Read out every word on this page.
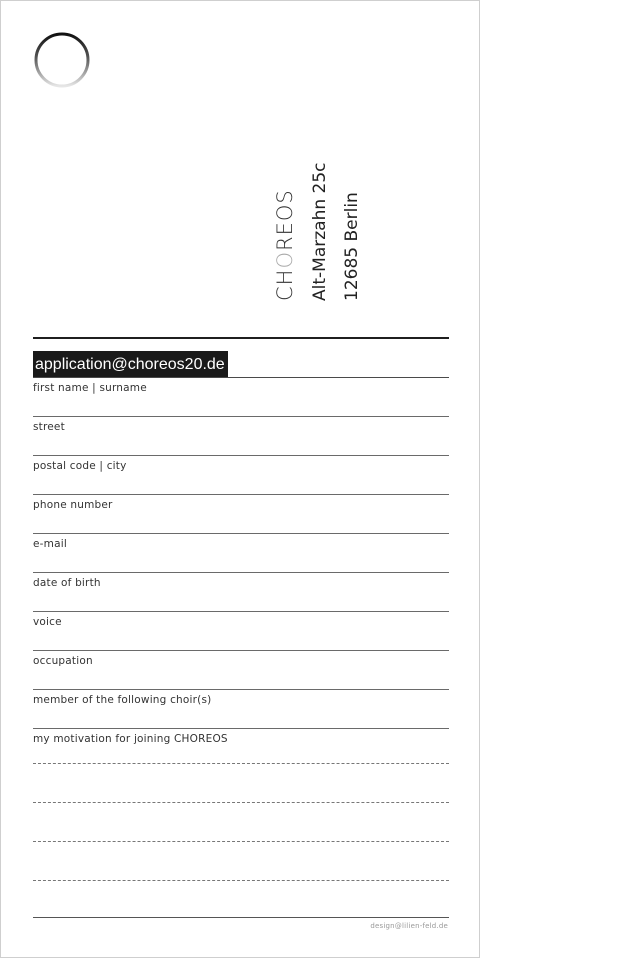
CHOREOS Alt-Marzahn 25c 12685 Berlin
application@choreos20.de
first name | surname
street
postal code | city
phone number
e-mail
date of birth
voice
occupation
member of the following choir(s)
my motivation for joining CHOREOS
design@lilien-feld.de
